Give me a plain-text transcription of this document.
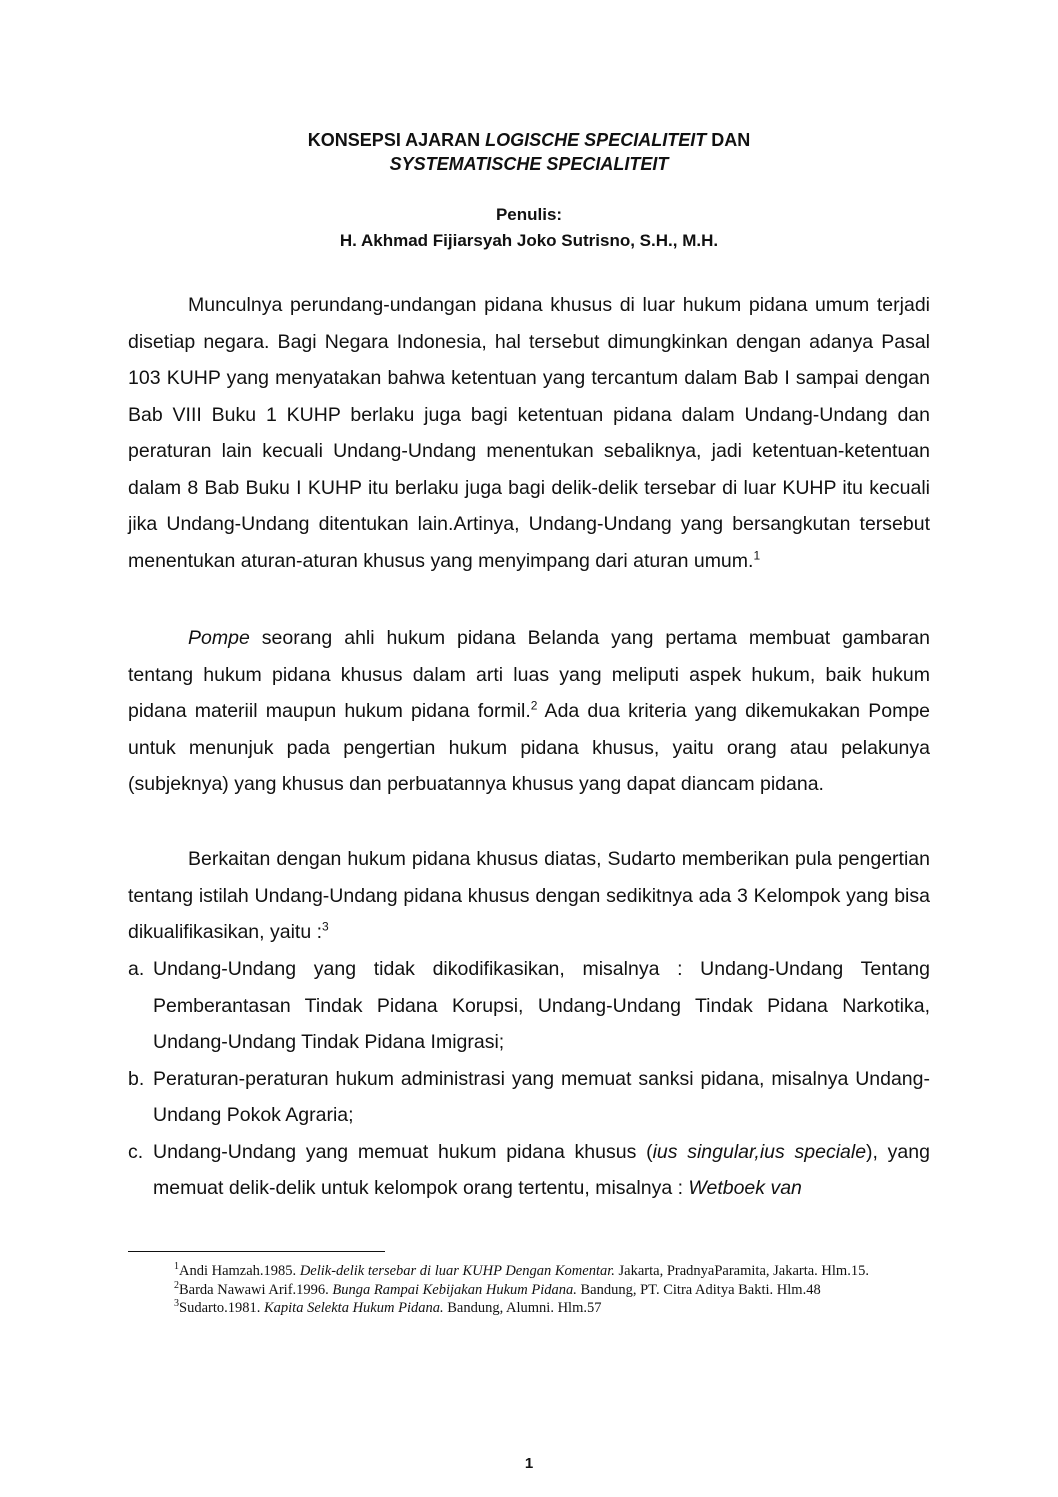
KONSEPSI AJARAN LOGISCHE SPECIALITEIT DAN
SYSTEMATISCHE SPECIALITEIT
Penulis:
H. Akhmad Fijiarsyah Joko Sutrisno, S.H., M.H.

Munculnya perundang-undangan pidana khusus di luar hukum pidana umum terjadi disetiap negara. Bagi Negara Indonesia, hal tersebut dimungkinkan dengan adanya Pasal 103 KUHP yang menyatakan bahwa ketentuan yang tercantum dalam Bab I sampai dengan Bab VIII Buku 1 KUHP berlaku juga bagi ketentuan pidana dalam Undang-Undang dan peraturan lain kecuali Undang-Undang menentukan sebaliknya, jadi ketentuan-ketentuan dalam 8 Bab Buku I KUHP itu berlaku juga bagi delik-delik tersebar di luar KUHP itu kecuali jika Undang-Undang ditentukan lain.Artinya, Undang-Undang yang bersangkutan tersebut menentukan aturan-aturan khusus yang menyimpang dari aturan umum.$^1$

Pompe seorang ahli hukum pidana Belanda yang pertama membuat gambaran tentang hukum pidana khusus dalam arti luas yang meliputi aspek hukum, baik hukum pidana materiil maupun hukum pidana formil.$^2$ Ada dua kriteria yang dikemukakan Pompe untuk menunjuk pada pengertian hukum pidana khusus, yaitu orang atau pelakunya (subjeknya) yang khusus dan perbuatannya khusus yang dapat diancam pidana.

Berkaitan dengan hukum pidana khusus diatas, Sudarto memberikan pula pengertian tentang istilah Undang-Undang pidana khusus dengan sedikitnya ada 3 Kelompok yang bisa dikualifikasikan, yaitu :$^3$

a. Undang-Undang yang tidak dikodifikasikan, misalnya : Undang-Undang Tentang Pemberantasan Tindak Pidana Korupsi, Undang-Undang Tindak Pidana Narkotika, Undang-Undang Tindak Pidana Imigrasi;
b. Peraturan-peraturan hukum administrasi yang memuat sanksi pidana, misalnya Undang- Undang Pokok Agraria;
c. Undang-Undang yang memuat hukum pidana khusus (ius singular,ius speciale), yang memuat delik-delik untuk kelompok orang tertentu, misalnya : Wetboek van

$^1$Andi Hamzah.1985. Delik-delik tersebar di luar KUHP Dengan Komentar. Jakarta, PradnyaParamita, Jakarta. Hlm.15.

$^2$Barda Nawawi Arif.1996. Bunga Rampai Kebijakan Hukum Pidana. Bandung, PT. Citra Aditya Bakti. Hlm.48

$^3$Sudarto.1981. Kapita Selekta Hukum Pidana. Bandung, Alumni. Hlm.57

1
